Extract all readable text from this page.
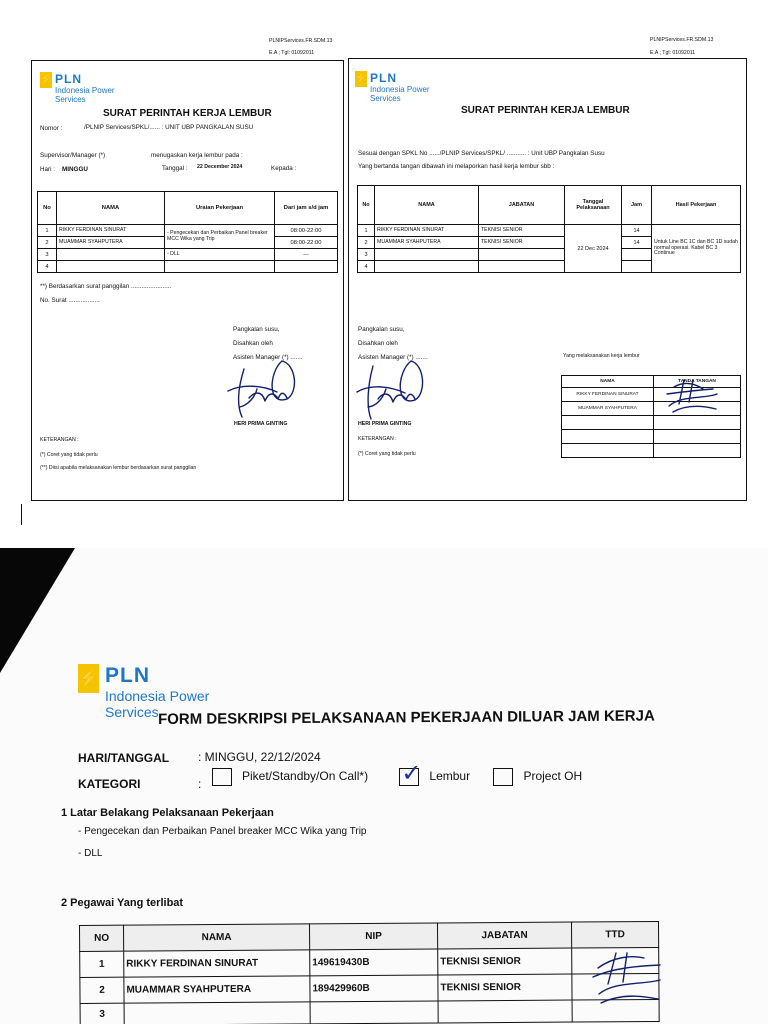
PLNIPServices.FR.SDM.13
E.A ; Tgl: 01092011
PLNIPServices.FR.SDM.13
E.A ; Tgl: 01092011
⚡ PLN
Indonesia Power
Services
SURAT PERINTAH KERJA LEMBUR
Nomor :	/PLNIP Services/SPKL/...... : UNIT UBP PANGKALAN SUSU
Supervisor/Manager (*)	menugaskan kerja lembur pada :
Hari : MINGGU	Tanggal : 22 December 2024	Kepada :
No	NAMA	Uraian Pekerjaan	Dari jam s/d jam
1	RIKKY FERDINAN SINURAT	- Pengecekan dan Perbaikan Panel breaker MCC Wika yang Trip	08:00-22:00
2	MUAMMAR SYAHPUTERA		08:00-22:00
3		- DLL	---
4			
**) Berdasarkan surat panggilan .......................
No. Surat ..................
Pangkalan susu,
Disahkan oleh
Asisten Manager (*) .......
HERI PRIMA GINTING
KETERANGAN :
(*) Coret yang tidak perlu
(**) Diisi apabila melaksanakan lembur berdasarkan surat panggilan
⚡ PLN
Indonesia Power
Services
SURAT PERINTAH KERJA LEMBUR
Sesuai dengan SPKL No ....../PLNIP Services/SPKL/ ........... : Unit UBP Pangkalan Susu
Yang bertanda tangan dibawah ini melaporkan hasil kerja lembur sbb :
No	NAMA	JABATAN	Tanggal Pelaksanaan	Jam	Hasil Pekerjaan
1	RIKKY FERDINAN SINURAT	TEKNISI SENIOR	22 Dec 2024	14	Untuk Line BC 1C dan BC 1D sudah normal operasi. Kabel BC 3 Continue
2	MUAMMAR SYAHPUTERA	TEKNISI SENIOR		14	
3					
4					
Pangkalan susu,
Disahkan oleh
Asisten Manager (*) .......
HERI PRIMA GINTING
KETERANGAN :
(*) Coret yang tidak perlu
Yang melaksanakan kerja lembur
NAMA	TANDA TANGAN
RIKKY FERDINAN SINURAT	
MUAMMAR SYAHPUTERA	

⚡ PLN
Indonesia Power
Services FORM DESKRIPSI PELAKSANAAN PEKERJAAN DILUAR JAM KERJA
HARI/TANGGAL : MINGGU, 22/12/2024
KATEGORI	:
Piket/Standby/On Call*) ✓	Lembur	Project OH
1 Latar Belakang Pelaksanaan Pekerjaan
- Pengecekan dan Perbaikan Panel breaker MCC Wika yang Trip
- DLL
2 Pegawai Yang terlibat
NO	NAMA	NIP	JABATAN	TTD
1	RIKKY FERDINAN SINURAT	149619430B	TEKNISI SENIOR	
2	MUAMMAR SYAHPUTERA	189429960B	TEKNISI SENIOR	
3				
